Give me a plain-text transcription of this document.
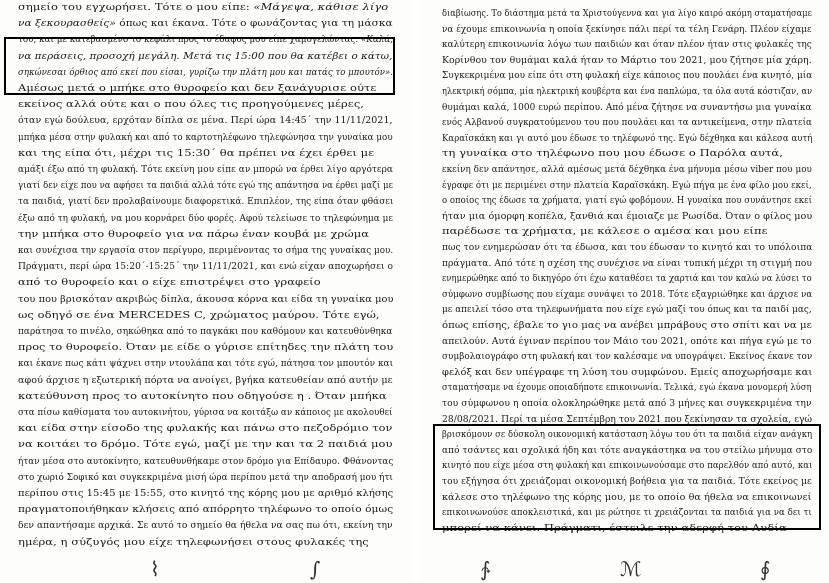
σημείο του εγχωρήσει. Τότε ο μου είπε: «Μάγεψα, κάθισε λίγο
να ξεκουρασθείς» όπως και έκανα. Τότε ο φωνάζοντας για τη μάσκα
του, και με κατεβασμένο το κεφάλι προς το έδαφος μου είπε χαμογελώντας: «Καλά,
να περάσεις, προσοχή μεγάλη. Μετά τις 15:00 που θα κατέβει ο κάτω,
σηκώνεσαι όρθιος από εκεί που είσαι, γυρίζω την πλάτη μου και πατάς το μπουτόν».
Αμέσως μετά ο μπήκε στο θυροφείο και δεν ξανάγυρισε ούτε
εκείνος αλλά ούτε και ο που όλες τις προηγούμενες μέρες,
όταν εγώ δούλευα, ερχόταν δίπλα σε μένα. Περί ώρα 14:45΄ την 11/11/2021,
μπήκα μέσα στην φυλακή και από το καρτοτηλέφωνο τηλεφώνησα την γυναίκα μου
και της είπα ότι, μέχρι τις 15:30΄ θα πρέπει να έχει έρθει με
αμάξι έξω από τη φυλακή. Τότε εκείνη μου είπε αν μπορώ να έρθει λίγο αργότερα
γιατί δεν είχε που να αφήσει τα παιδιά αλλά τότε εγώ της απάντησα να έρθει μαζί με
τα παιδιά, γιατί δεν προλαβαίνουμε διαφορετικά. Επιπλέον, της είπα όταν φθάσει
έξω από τη φυλακή, να μου κορνάρει δύο φορές. Αφού τελείωσε το τηλεφώνημα με
την μπήκα στο θυροφείο για να πάρω έναν κουβά με χρώμα
και συνέχισα την εργασία στον περίγυρο, περιμένοντας το σήμα της γυναίκας μου.
Πράγματι, περί ώρα 15:20΄-15:25΄ την 11/11/2021, και ενώ είχαν αποχωρήσει ο
από το θυροφείο και ο είχε επιστρέψει στο γραφείο
του που βρισκόταν ακριβώς δίπλα, άκουσα κόρνα και είδα τη γυναίκα μου
ως οδηγό σε ένα MERCEDES C, χρώματος μαύρου. Τότε εγώ,
παράτησα το πινέλο, σηκώθηκα από το παγκάκι που καθόμουν και κατευθύνθηκα
προς το θυροφείο. Όταν με είδε ο γύρισε επίτηδες την πλάτη του
και έκανε πως κάτι ψάχνει στην ντουλάπα και τότε εγώ, πάτησα τον μπουτόν και
αφού άρχισε η εξωτερική πόρτα να ανοίγει, βγήκα κατευθείαν από αυτήν με
κατεύθυνση προς το αυτοκίνητο που οδηγούσε η . Όταν μπήκα
στα πίσω καθίσματα του αυτοκινήτου, γύρισα να κοιτάξω αν κάποιος με ακολουθεί
και είδα στην είσοδο της φυλακής και πάνω στο πεζοδρόμιο τον
να κοιτάει το δρόμο. Τότε εγώ, μαζί με την και τα 2 παιδιά μου
ήταν μέσα στο αυτοκίνητο, κατευθυνθήκαμε στον δρόμο για Επίδαυρο. Φθάνοντας
στο χωριό Σοφικό και συγκεκριμένα μισή ώρα περίπου μετά την αποδρασή μου ήτι
περίπου στις 15:45 με 15:55, στο κινητό της κόρης μου με αριθμό κλήσης
πραγματοποιήθηκαν κλήσεις από απόρρητο τηλέφωνο το οποίο όμως
δεν απαντήσαμε αρχικά. Σε αυτό το σημείο θα ήθελα να σας πω ότι, εκείνη την
ημέρα, η σύζυγός μου είχε τηλεφωνήσει στους φυλακές της
⌇	∫
διαβίωσης. Το διάστημα μετά τα Χριστούγεννα και για λίγο καιρό ακόμη σταματήσαμε
να έχουμε επικοινωνία η οποία ξεκίνησε πάλι περί τα τέλη Γενάρη. Πλέον είχαμε
καλύτερη επικοινωνία λόγω των παιδιών και όταν πλέον ήταν στις φυλακές της
Κορίνθου τον θυμάμαι καλά ήταν το Μάρτιο του 2021, μου ζήτησε μία χάρη.
Συγκεκριμένα μου είπε ότι στη φυλακή είχε κάποιος που πουλάει ένα κινητό, μία
ηλεκτρική σόμπα, μία ηλεκτρική κουβέρτα και ένα παπλώμα, τα όλα αυτά κόστιζαν, αν
θυμάμαι καλά, 1000 ευρώ περίπου. Από μένα ζήτησε να συναντήσω μια γυναίκα
ενός Αλβανού συγκρατούμενου του που πουλάει και τα αντικείμενα, στην πλατεία
Καραϊσκάκη και γι αυτό μου έδωσε το τηλέφωνό της. Εγώ δέχθηκα και κάλεσα αυτή
τη γυναίκα στο τηλέφωνο που μου έδωσε ο Παρόλα αυτά,
εκείνη δεν απάντησε, αλλά αμέσως μετά δέχθηκα ένα μήνυμα μέσω viber που μου
έγραφε ότι με περιμένει στην πλατεία Καραϊσκάκη. Εγώ πήγα με ένα φίλο μου εκεί,
ο οποίος της έδωσε τα χρήματα, γιατί εγώ φοβόμουν. Η γυναίκα που συνάντησε εκεί
ήταν μια όμορφη κοπέλα, ξανθιά και έμοιαζε με Ρωσίδα. Όταν ο φίλος μου
παρέδωσε τα χρήματα, με κάλεσε ο αμέσα και μου είπε
πως τον ενημερώσαν ότι τα έδωσα, και του έδωσαν το κινητό και το υπόλοιπα
πράγματα. Από τότε η σχέση της συνέχισε να είναι τυπική μέχρι τη στιγμή που
ενημερώθηκε από το δικηγόρο ότι έχω καταθέσει τα χαρτιά και τον καλώ να λύσει το
σύμφωνο συμβίωσης που είχαμε συνάψει το 2018. Τότε εξαγριώθηκε και άρχισε να
με απειλεί τόσο στα τηλεφωνήματα που είχε εγώ μαζί του όπως και τα παιδί μας,
όπως επίσης, έβαλε το γιο μας να ανέβει μπράβους στο σπίτι και να με
απειλούν. Αυτά έγιναν περίπου τον Μάιο του 2021, οπότε και πήγα εγώ με το
συμβολαιογράφο στη φυλακή και τον καλέσαμε να υπογράψει. Εκείνος έκανε τον
φελόξ και δεν υπέγραφε τη λύση του συμφώνου. Εμείς αποχωρήσαμε και
σταματήσαμε να έχουμε οποιαδήποτε επικοινωνία. Τελικά, εγώ έκανα μονομερή λύση
του σύμφωνου η οποία ολοκληρώθηκε μετά από 3 μήνες και συγκεκριμένα την
28/08/2021. Περί τα μέσα Σεπτέμβρη του 2021 που ξεκίνησαν τα σχολεία, εγώ
βρισκόμουν σε δύσκολη οικονομική κατάσταση λόγω του ότι τα παιδιά είχαν ανάγκη
από τσάντες και σχολικά ήδη και τότε αναγκάστηκα να του στείλω μήνυμα στο
κινητό που είχε μέσα στη φυλακή και επικοινωνούσαμε στο παρελθόν από αυτό, και
του εξήγησα ότι χρειάζομαι οικονομική βοήθεια για τα παιδιά. Τότε εκείνος με
κάλεσε στο τηλέφωνο της κόρης μου, με το οποίο θα ήθελα να επικοινωνεί
επικοινωνούσε αποκλειστικά, και με ρώτησε τι χρειάζονται τα παιδιά για να δει τι
μπορεί να κάνει. Πράγματι, έστειλε την αδερφή του Αυδία
∱	ℳ	∮
